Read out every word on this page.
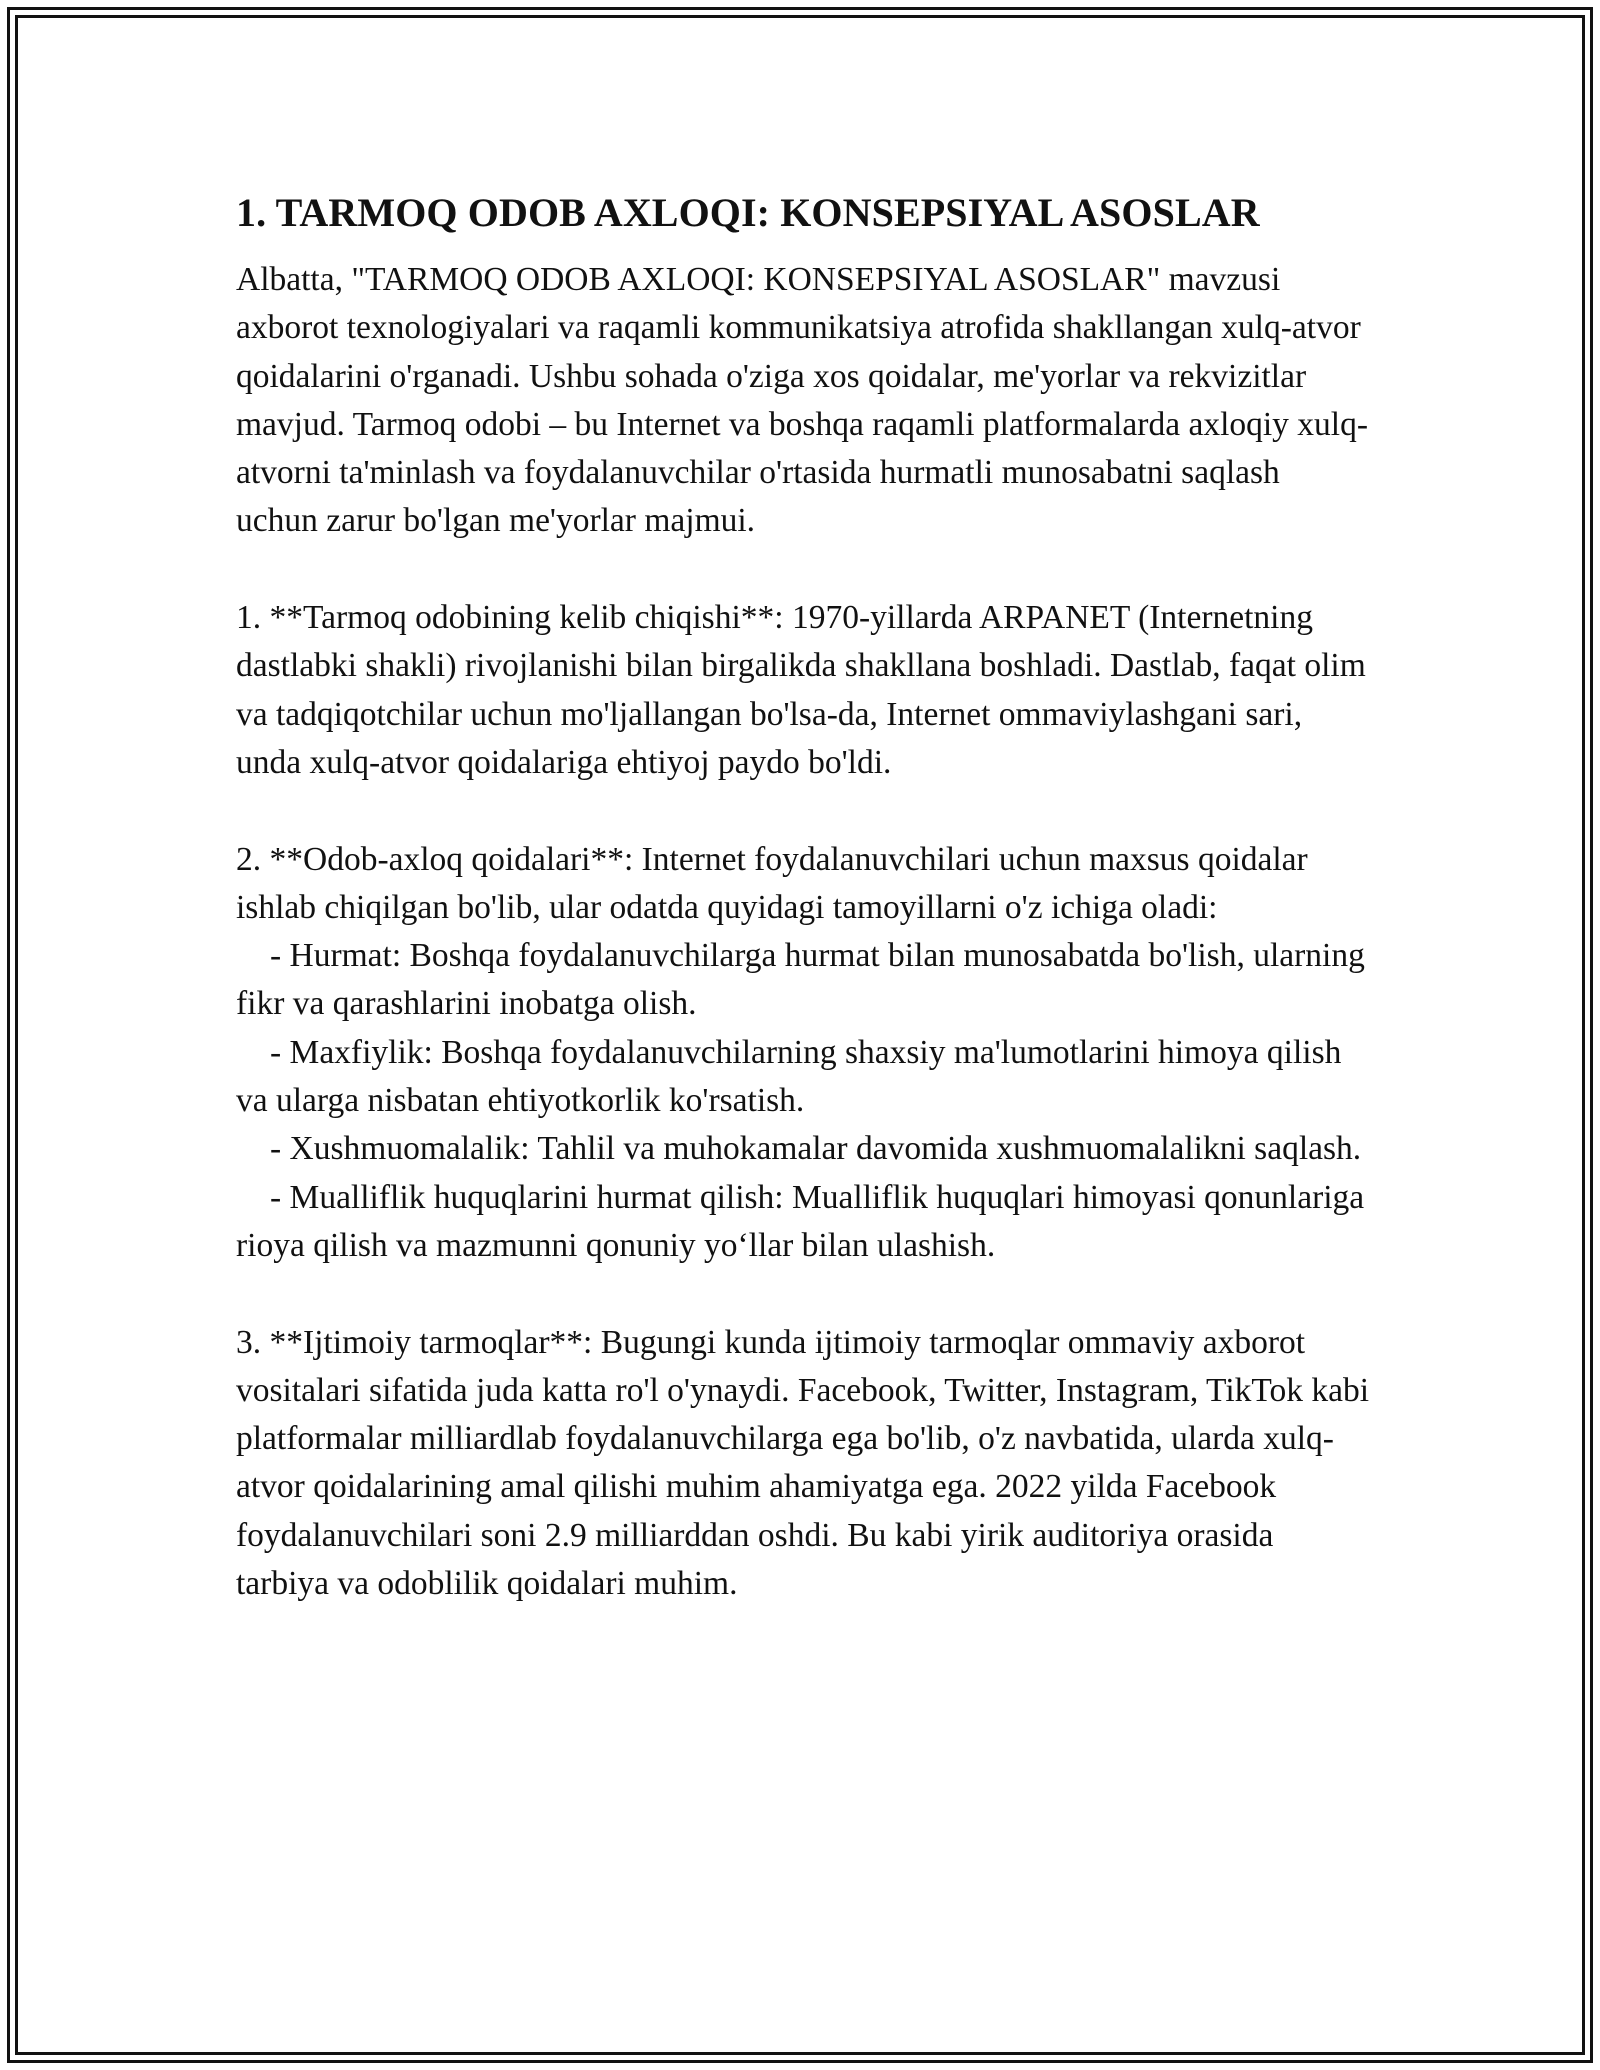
1. TARMOQ ODOB AXLOQI: KONSEPSIYAL ASOSLAR

Albatta, "TARMOQ ODOB AXLOQI: KONSEPSIYAL ASOSLAR" mavzusi axborot texnologiyalari va raqamli kommunikatsiya atrofida shakllangan xulq-atvor qoidalarini o'rganadi. Ushbu sohada o'ziga xos qoidalar, me'yorlar va rekvizitlar mavjud. Tarmoq odobi – bu Internet va boshqa raqamli platformalarda axloqiy xulq-atvorni ta'minlash va foydalanuvchilar o'rtasida hurmatli munosabatni saqlash uchun zarur bo'lgan me'yorlar majmui.

1. **Tarmoq odobining kelib chiqishi**: 1970-yillarda ARPANET (Internetning dastlabki shakli) rivojlanishi bilan birgalikda shakllana boshladi. Dastlab, faqat olim va tadqiqotchilar uchun mo'ljallangan bo'lsa-da, Internet ommaviylashgani sari, unda xulq-atvor qoidalariga ehtiyoj paydo bo'ldi.

2. **Odob-axloq qoidalari**: Internet foydalanuvchilari uchun maxsus qoidalar ishlab chiqilgan bo'lib, ular odatda quyidagi tamoyillarni o'z ichiga oladi:

- Hurmat: Boshqa foydalanuvchilarga hurmat bilan munosabatda bo'lish, ularning fikr va qarashlarini inobatga olish.

- Maxfiylik: Boshqa foydalanuvchilarning shaxsiy ma'lumotlarini himoya qilish va ularga nisbatan ehtiyotkorlik ko'rsatish.

- Xushmuomalalik: Tahlil va muhokamalar davomida xushmuomalalikni saqlash.

- Mualliflik huquqlarini hurmat qilish: Mualliflik huquqlari himoyasi qonunlariga rioya qilish va mazmunni qonuniy yo‘llar bilan ulashish.

3. **Ijtimoiy tarmoqlar**: Bugungi kunda ijtimoiy tarmoqlar ommaviy axborot vositalari sifatida juda katta ro'l o'ynaydi. Facebook, Twitter, Instagram, TikTok kabi platformalar milliardlab foydalanuvchilarga ega bo'lib, o'z navbatida, ularda xulq-atvor qoidalarining amal qilishi muhim ahamiyatga ega. 2022 yilda Facebook foydalanuvchilari soni 2.9 milliarddan oshdi. Bu kabi yirik auditoriya orasida tarbiya va odoblilik qoidalari muhim.
